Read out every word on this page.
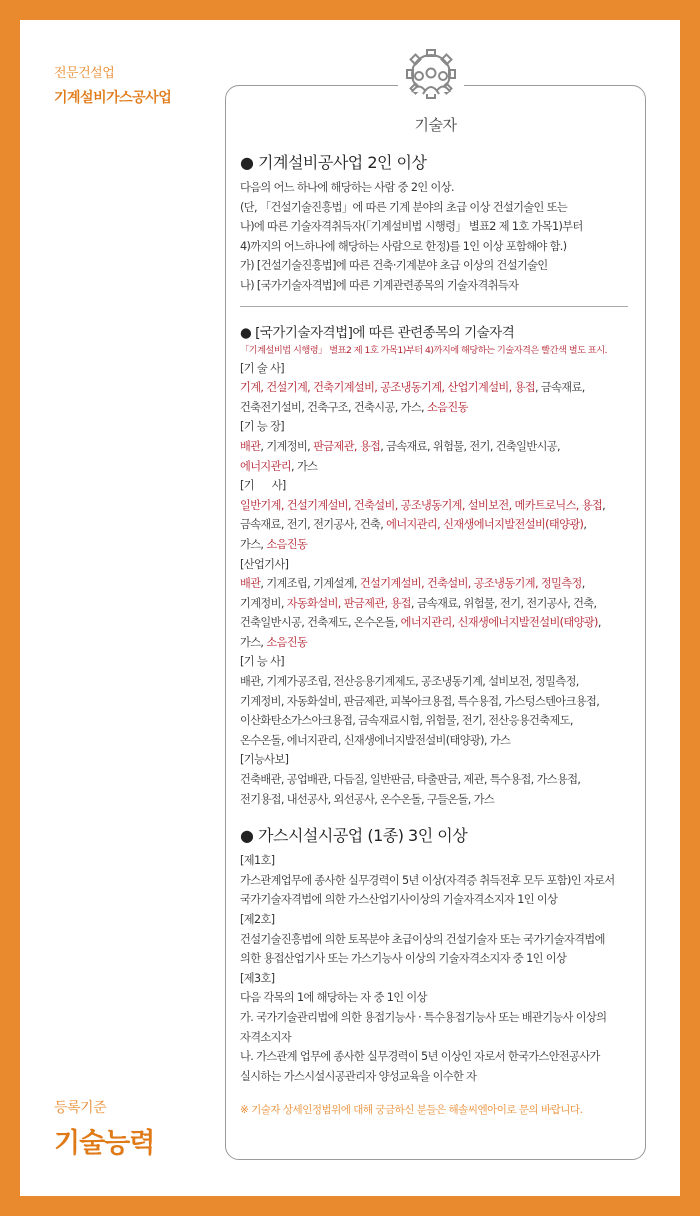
전문건설업
기계설비가스공사업
등록기준
기술능력
기술자
● 기계설비공사업 2인 이상
다음의 어느 하나에 해당하는 사람 중 2인 이상.
(단, 「건설기술진흥법」에 따른 기계 분야의 초급 이상 건설기술인 또는
나)에 따른 기술자격취득자(「기계설비법 시행령」 별표2 제 1호 가목1)부터
4)까지의 어느하나에 해당하는 사람으로 한정)를 1인 이상 포함해야 함.)
가) [건설기술진흥법]에 따른 건축·기계분야 초급 이상의 건설기술인
나) [국가기술자격법]에 따른 기계관련종목의 기술자격취득자
● [국가기술자격법]에 따른 관련종목의 기술자격
「기계설비법 시행령」 별표2 제 1호 가목1)부터 4)까지에 해당하는 기술자격은 빨간색 별도 표시.
[기 술 사]
기계, 건설기계, 건축기계설비, 공조냉동기계, 산업기계설비, 용접, 금속재료,
건축전기설비, 건축구조, 건축시공, 가스, 소음진동
[기 능 장]
배관, 기계정비, 판금제관, 용접, 금속재료, 위험물, 전기, 건축일반시공,
에너지관리, 가스
[기      사]
일반기계, 건설기계설비, 건축설비, 공조냉동기계, 설비보전, 메카트로닉스, 용접,
금속재료, 전기, 전기공사, 건축, 에너지관리, 신재생에너지발전설비(태양광),
가스, 소음진동
[산업기사]
배관, 기계조립, 기계설계, 건설기계설비, 건축설비, 공조냉동기계, 정밀측정,
기계정비, 자동화설비, 판금제관, 용접, 금속재료, 위험물, 전기, 전기공사, 건축,
건축일반시공, 건축제도, 온수온돌, 에너지관리, 신재생에너지발전설비(태양광),
가스, 소음진동
[기 능 사]
배관, 기계가공조립, 전산응용기계제도, 공조냉동기계, 설비보전, 정밀측정,
기계정비, 자동화설비, 판금제관, 피복아크용접, 특수용접, 가스텅스텐아크용접,
이산화탄소가스아크용접, 금속재료시험, 위험물, 전기, 전산응용건축제도,
온수온돌, 에너지관리, 신재생에너지발전설비(태양광), 가스
[기능사보]
건축배관, 공업배관, 다듬질, 일반판금, 타출판금, 제관, 특수용접, 가스용접,
전기용접, 내선공사, 외선공사, 온수온돌, 구들온돌, 가스
● 가스시설시공업 (1종) 3인 이상
[제1호]
가스관계업무에 종사한 실무경력이 5년 이상(자격증 취득전후 모두 포함)인 자로서
국가기술자격법에 의한 가스산업기사이상의 기술자격소지자 1인 이상
[제2호]
건설기술진흥법에 의한 토목분야 초급이상의 건설기술자 또는 국가기술자격법에
의한 용접산업기사 또는 가스기능사 이상의 기술자격소지자 중 1인 이상
[제3호]
다음 각목의 1에 해당하는 자 중 1인 이상
가. 국가기술관리법에 의한 용접기능사 · 특수용접기능사 또는 배관기능사 이상의
자격소지자
나. 가스관계 업무에 종사한 실무경력이 5년 이상인 자로서 한국가스안전공사가
실시하는 가스시설시공관리자 양성교육을 이수한 자
※ 기술자 상세인정범위에 대해 궁금하신 분들은 해솔씨엔아이로 문의 바랍니다.
